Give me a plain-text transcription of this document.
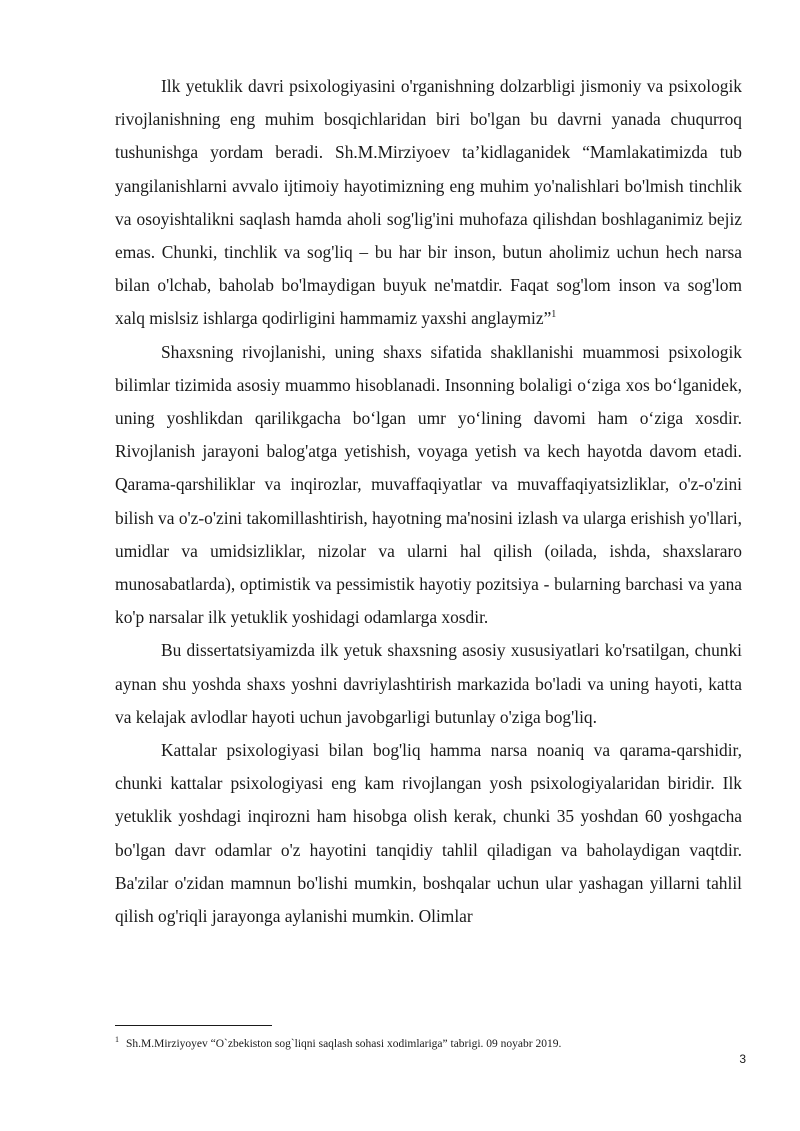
Ilk yetuklik davri psixologiyasini o'rganishning dolzarbligi jismoniy va psixologik rivojlanishning eng muhim bosqichlaridan biri bo'lgan bu davrni yanada chuqurroq tushunishga yordam beradi. Sh.M.Mirziyoev ta’kidlaganidek “Mamlakatimizda tub yangilanishlarni avvalo ijtimoiy hayotimizning eng muhim yo'nalishlari bo'lmish tinchlik va osoyishtalikni saqlash hamda aholi sog'lig'ini muhofaza qilishdan boshlaganimiz bejiz emas. Chunki, tinchlik va sog'liq – bu har bir inson, butun aholimiz uchun hech narsa bilan o'lchab, baholab bo'lmaydigan buyuk ne'matdir. Faqat sog'lom inson va sog'lom xalq mislsiz ishlarga qodirligini hammamiz yaxshi anglaymiz”$^1$

Shaxsning rivojlanishi, uning shaxs sifatida shakllanishi muammosi psixologik bilimlar tizimida asosiy muammo hisoblanadi. Insonning bolaligi o‘ziga xos bo‘lganidek, uning yoshlikdan qarilikgacha bo‘lgan umr yo‘lining davomi ham o‘ziga xosdir. Rivojlanish jarayoni balog'atga yetishish, voyaga yetish va kech hayotda davom etadi. Qarama-qarshiliklar va inqirozlar, muvaffaqiyatlar va muvaffaqiyatsizliklar, o'z-o'zini bilish va o'z-o'zini takomillashtirish, hayotning ma'nosini izlash va ularga erishish yo'llari, umidlar va umidsizliklar, nizolar va ularni hal qilish (oilada, ishda, shaxslararo munosabatlarda), optimistik va pessimistik hayotiy pozitsiya - bularning barchasi va yana ko'p narsalar ilk yetuklik yoshidagi odamlarga xosdir.

Bu dissertatsiyamizda ilk yetuk shaxsning asosiy xususiyatlari ko'rsatilgan, chunki aynan shu yoshda shaxs yoshni davriylashtirish markazida bo'ladi va uning hayoti, katta va kelajak avlodlar hayoti uchun javobgarligi butunlay o'ziga bog'liq.

Kattalar psixologiyasi bilan bog'liq hamma narsa noaniq va qarama-qarshidir, chunki kattalar psixologiyasi eng kam rivojlangan yosh psixologiyalaridan biridir. Ilk yetuklik yoshdagi inqirozni ham hisobga olish kerak, chunki 35 yoshdan 60 yoshgacha bo'lgan davr odamlar o'z hayotini tanqidiy tahlil qiladigan va baholaydigan vaqtdir. Ba'zilar o'zidan mamnun bo'lishi mumkin, boshqalar uchun ular yashagan yillarni tahlil qilish og'riqli jarayonga aylanishi mumkin. Olimlar

$^1$ Sh.M.Mirziyoyev “O`zbekiston sog`liqni saqlash sohasi xodimlariga” tabrigi. 09 noyabr 2019.
3
